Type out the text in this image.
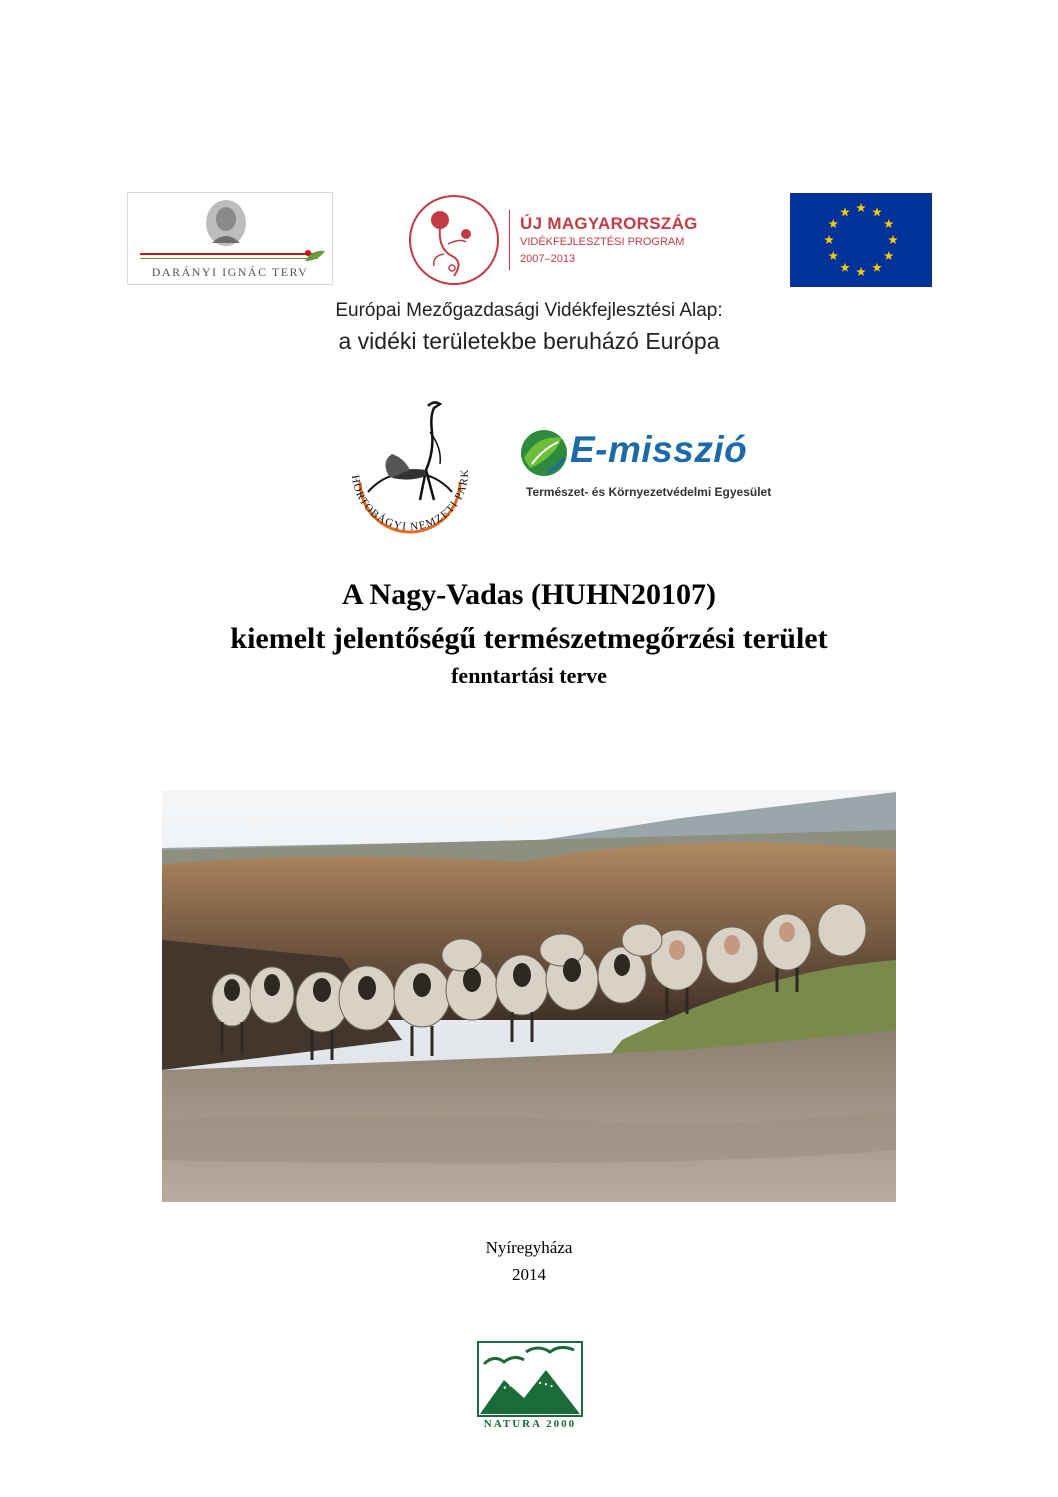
DARÁNYI IGNÁC TERV
ÚJ MAGYARORSZÁG
VIDÉKFEJLESZTÉSI PROGRAM
2007–2013
Európai Mezőgazdasági Vidékfejlesztési Alap:
a vidéki területekbe beruházó Európa
HORTOBÁGYI NEMZETI PARK
E-misszió
Természet- és Környezetvédelmi Egyesület
A Nagy-Vadas (HUHN20107)
kiemelt jelentőségű természetmegőrzési terület
fenntartási terve
Nyíregyháza
2014
NATURA 2000
